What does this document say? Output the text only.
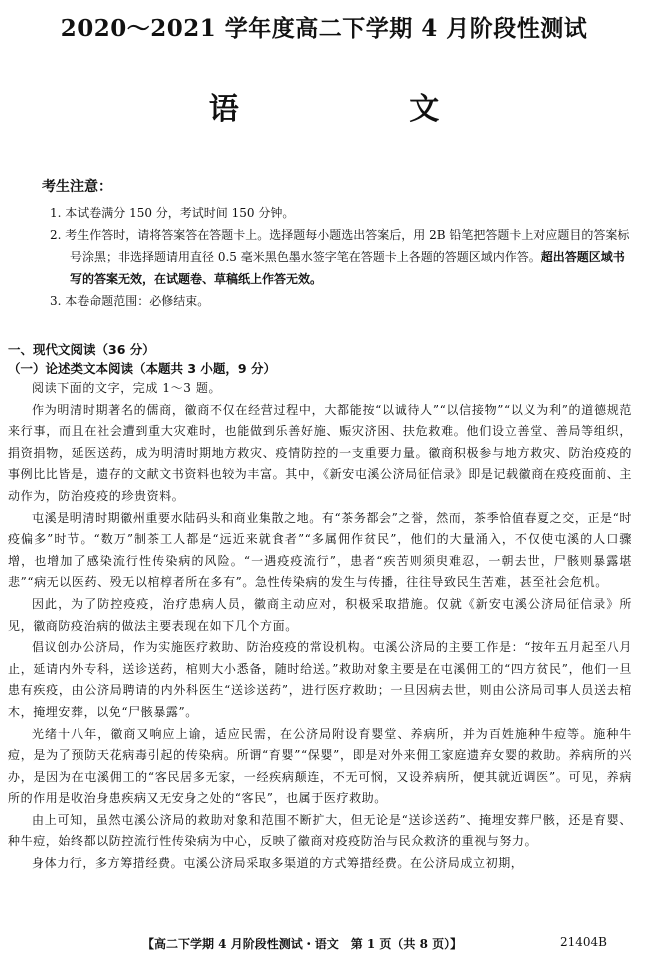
2020～2021 学年度高二下学期 4 月阶段性测试
语 文
考生注意：
1. 本试卷满分 150 分，考试时间 150 分钟。
2. 考生作答时，请将答案答在答题卡上。选择题每小题选出答案后，用 2B 铅笔把答题卡上对应题目的答案标号涂黑；非选择题请用直径 0.5 毫米黑色墨水签字笔在答题卡上各题的答题区域内作答。超出答题区域书写的答案无效，在试题卷、草稿纸上作答无效。
3. 本卷命题范围：必修结束。
一、现代文阅读（36 分）
（一）论述类文本阅读（本题共 3 小题，9 分）

阅读下面的文字，完成 1～3 题。

作为明清时期著名的儒商，徽商不仅在经营过程中，大都能按“以诚待人”“以信接物”“以义为利”的道德规范来行事，而且在社会遭到重大灾难时，也能做到乐善好施、赈灾济困、扶危救难。他们设立善堂、善局等组织，捐资捐物，延医送药，成为明清时期地方救灾、疫情防控的一支重要力量。徽商积极参与地方救灾、防治疫疫的事例比比皆是，遗存的文献文书资料也较为丰富。其中，《新安屯溪公济局征信录》即是记载徽商在疫疫面前、主动作为，防治疫疫的珍贵资料。

屯溪是明清时期徽州重要水陆码头和商业集散之地。有“茶务都会”之誉，然而，茶季恰值春夏之交，正是“时疫偏多”时节。“数万”制茶工人都是“远近来就食者”“多属佣作贫民”，他们的大量涌入，不仅使屯溪的人口骤增，也增加了感染流行性传染病的风险。“一遇疫疫流行”，患者“疾苦则须臾难忍，一朝去世，尸骸则暴露堪悲”“病无以医药、殁无以棺椁者所在多有”。急性传染病的发生与传播，往往导致民生苦难，甚至社会危机。

因此，为了防控疫疫，治疗患病人员，徽商主动应对，积极采取措施。仅就《新安屯溪公济局征信录》所见，徽商防疫治病的做法主要表现在如下几个方面。

倡议创办公济局，作为实施医疗救助、防治疫疫的常设机构。屯溪公济局的主要工作是：“按年五月起至八月止，延请内外专科，送诊送药，棺则大小悉备，随时给送。”救助对象主要是在屯溪佣工的“四方贫民”，他们一旦患有疾疫，由公济局聘请的内外科医生“送诊送药”，进行医疗救助；一旦因病去世，则由公济局司事人员送去棺木，掩埋安葬，以免“尸骸暴露”。

光绪十八年，徽商又响应上谕，适应民需，在公济局附设育婴堂、养病所，并为百姓施种牛痘等。施种牛痘，是为了预防天花病毒引起的传染病。所谓“育婴”“保婴”，即是对外来佣工家庭遗弃女婴的救助。养病所的兴办，是因为在屯溪佣工的“客民居多无家，一经疾病颠连，不无可悯，又设养病所，便其就近调医”。可见，养病所的作用是收治身患疾病又无安身之处的“客民”，也属于医疗救助。

由上可知，虽然屯溪公济局的救助对象和范围不断扩大，但无论是“送诊送药”、掩埋安葬尸骸，还是育婴、种牛痘，始终都以防控流行性传染病为中心，反映了徽商对疫疫防治与民众救济的重视与努力。

身体力行，多方筹措经费。屯溪公济局采取多渠道的方式筹措经费。在公济局成立初期，

【高二下学期 4 月阶段性测试・语文　第 1 页（共 8 页）】	21404B
